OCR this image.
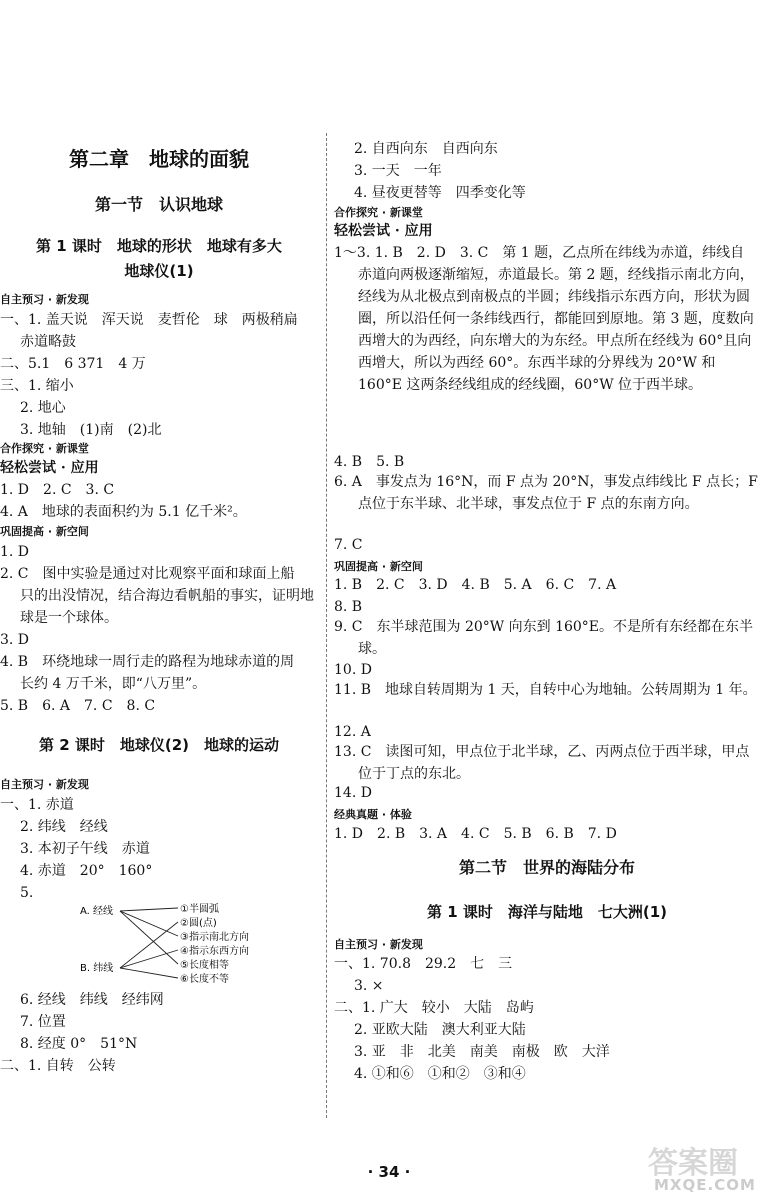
第二章　地球的面貌
第一节　认识地球
第 1 课时　地球的形状　地球有多大
地球仪(1)
自主预习 · 新发现
一、1. 盖天说　浑天说　麦哲伦　球　两极稍扁
赤道略鼓
二、5.1　6 371　4 万
三、1. 缩小
2. 地心
3. 地轴　(1)南　(2)北
合作探究 · 新课堂
轻松尝试 · 应用
1. D　2. C　3. C
4. A　地球的表面积约为 5.1 亿千米²。
巩固提高 · 新空间
1. D
2. C　图中实验是通过对比观察平面和球面上船
只的出没情况，结合海边看帆船的事实，证明地
球是一个球体。
3. D
4. B　环绕地球一周行走的路程为地球赤道的周
长约 4 万千米，即“八万里”。
5. B　6. A　7. C　8. C
第 2 课时　地球仪(2)　地球的运动
自主预习 · 新发现
一、1. 赤道
2. 纬线　经线
3. 本初子午线　赤道
4. 赤道　20°　160°
5.
A. 经线
B. 纬线
①半圆弧
②圆(点)
③指示南北方向
④指示东西方向
⑤长度相等
⑥长度不等
6. 经线　纬线　经纬网
7. 位置
8. 经度 0°　51°N
二、1. 自转　公转
2. 自西向东　自西向东
3. 一天　一年
4. 昼夜更替等　四季变化等
合作探究 · 新课堂
轻松尝试 · 应用
1～3. 1. B　2. D　3. C　第 1 题，乙点所在纬线为赤道，纬线自赤道向两极逐渐缩短，赤道最长。第 2 题，经线指示南北方向，经线为从北极点到南极点的半圆；纬线指示东西方向，形状为圆圈，所以沿任何一条纬线西行，都能回到原地。第 3 题，度数向西增大的为西经，向东增大的为东经。甲点所在经线为 60°且向西增大，所以为西经 60°。东西半球的分界线为 20°W 和 160°E 这两条经线组成的经线圈，60°W 位于西半球。
4. B　5. B
6. A　事发点为 16°N，而 F 点为 20°N，事发点纬线比 F 点长；F 点位于东半球、北半球，事发点位于 F 点的东南方向。
7. C
巩固提高 · 新空间
1. B　2. C　3. D　4. B　5. A　6. C　7. A
8. B
9. C　东半球范围为 20°W 向东到 160°E。不是所有东经都在东半球。
10. D
11. B　地球自转周期为 1 天，自转中心为地轴。公转周期为 1 年。
12. A
13. C　读图可知，甲点位于北半球，乙、丙两点位于西半球，甲点位于丁点的东北。
14. D
经典真题 · 体验
1. D　2. B　3. A　4. C　5. B　6. B　7. D
第二节　世界的海陆分布
第 1 课时　海洋与陆地　七大洲(1)
自主预习 · 新发现
一、1. 70.8　29.2　七　三
3. ×
二、1. 广大　较小　大陆　岛屿
2. 亚欧大陆　澳大利亚大陆
3. 亚　非　北美　南美　南极　欧　大洋
4. ①和⑥　①和②　③和④
· 34 ·	答案圈
MXQE.COM
